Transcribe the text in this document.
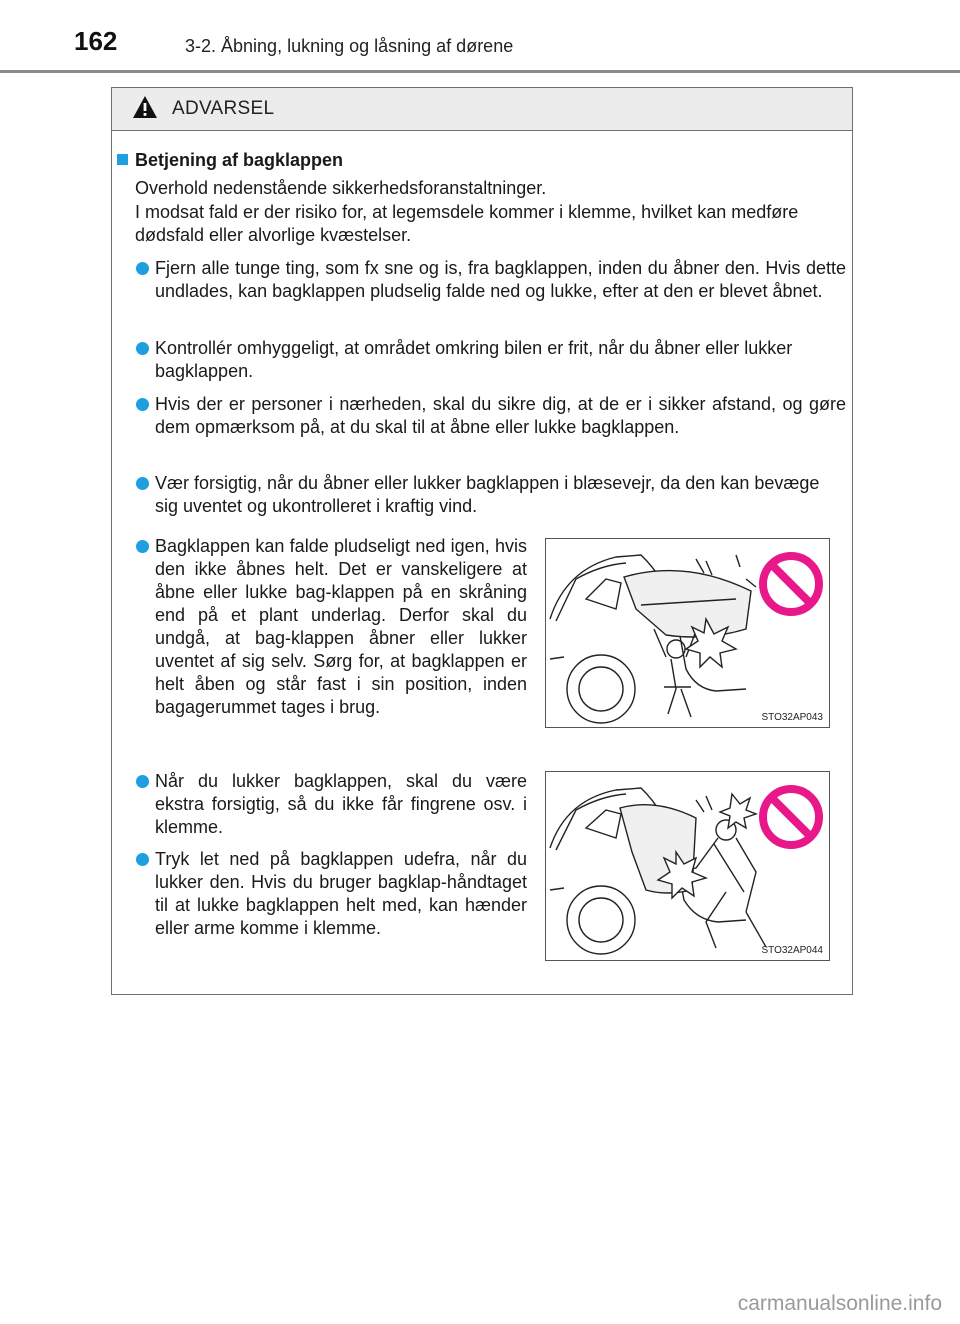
162	3-2. Åbning, lukning og låsning af dørene
ADVARSEL
Betjening af bagklappen
Overhold nedenstående sikkerhedsforanstaltninger.
I modsat fald er der risiko for, at legemsdele kommer i klemme, hvilket kan medføre dødsfald eller alvorlige kvæstelser.
Fjern alle tunge ting, som fx sne og is, fra bagklappen, inden du åbner den. Hvis dette undlades, kan bagklappen pludselig falde ned og lukke, efter at den er blevet åbnet.
Kontrollér omhyggeligt, at området omkring bilen er frit, når du åbner eller lukker bagklappen.
Hvis der er personer i nærheden, skal du sikre dig, at de er i sikker afstand, og gøre dem opmærksom på, at du skal til at åbne eller lukke bagklappen.
Vær forsigtig, når du åbner eller lukker bagklappen i blæsevejr, da den kan bevæge sig uventet og ukontrolleret i kraftig vind.
Bagklappen kan falde pludseligt ned igen, hvis den ikke åbnes helt. Det er vanskeligere at åbne eller lukke bag-klappen på en skråning end på et plant underlag. Derfor skal du undgå, at bag-klappen åbner eller lukker uventet af sig selv. Sørg for, at bagklappen er helt åben og står fast i sin position, inden bagagerummet tages i brug.
STO32AP043
Når du lukker bagklappen, skal du være ekstra forsigtig, så du ikke får fingrene osv. i klemme.
Tryk let ned på bagklappen udefra, når du lukker den. Hvis du bruger bagklap-håndtaget til at lukke bagklappen helt med, kan hænder eller arme komme i klemme.
STO32AP044
carmanualsonline.info
